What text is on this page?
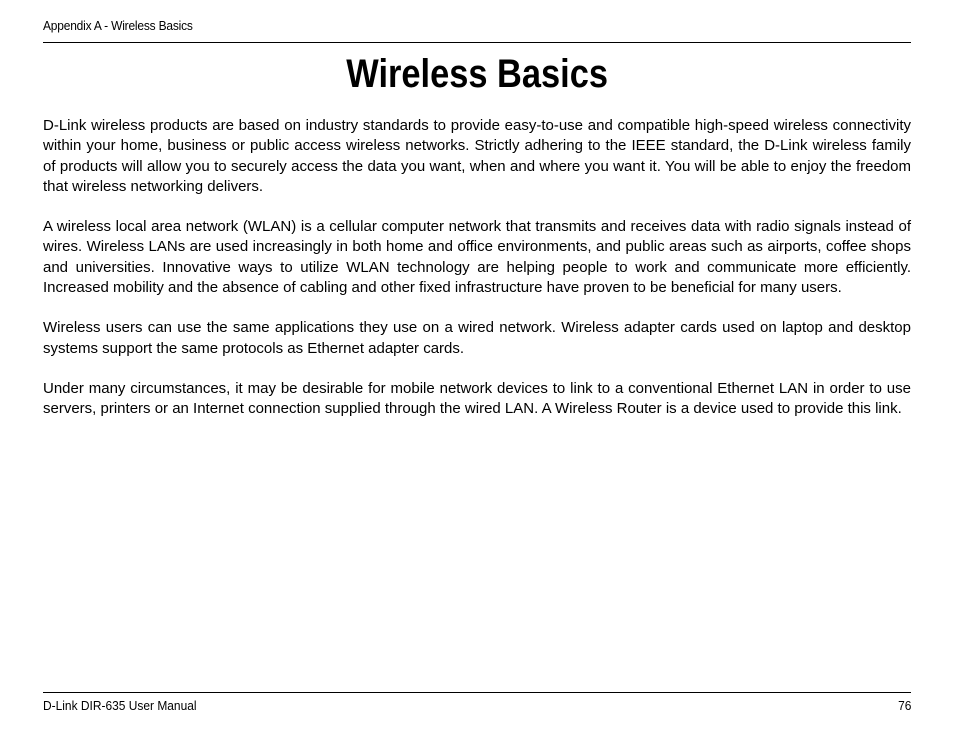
Appendix A - Wireless Basics
Wireless Basics

D-Link wireless products are based on industry standards to provide easy-to-use and compatible high-speed wireless connectivity within your home, business or public access wireless networks. Strictly adhering to the IEEE standard, the D-Link wireless family of products will allow you to securely access the data you want, when and where you want it. You will be able to enjoy the freedom that wireless networking delivers.

A wireless local area network (WLAN) is a cellular computer network that transmits and receives data with radio signals instead of wires. Wireless LANs are used increasingly in both home and office environments, and public areas such as airports, coffee shops and universities. Innovative ways to utilize WLAN technology are helping people to work and communicate more efficiently. Increased mobility and the absence of cabling and other fixed infrastructure have proven to be beneficial for many users.

Wireless users can use the same applications they use on a wired network. Wireless adapter cards used on laptop and desktop systems support the same protocols as Ethernet adapter cards.

Under many circumstances, it may be desirable for mobile network devices to link to a conventional Ethernet LAN in order to use servers, printers or an Internet connection supplied through the wired LAN. A Wireless Router is a device used to provide this link.

D-Link DIR-635 User Manual	76
